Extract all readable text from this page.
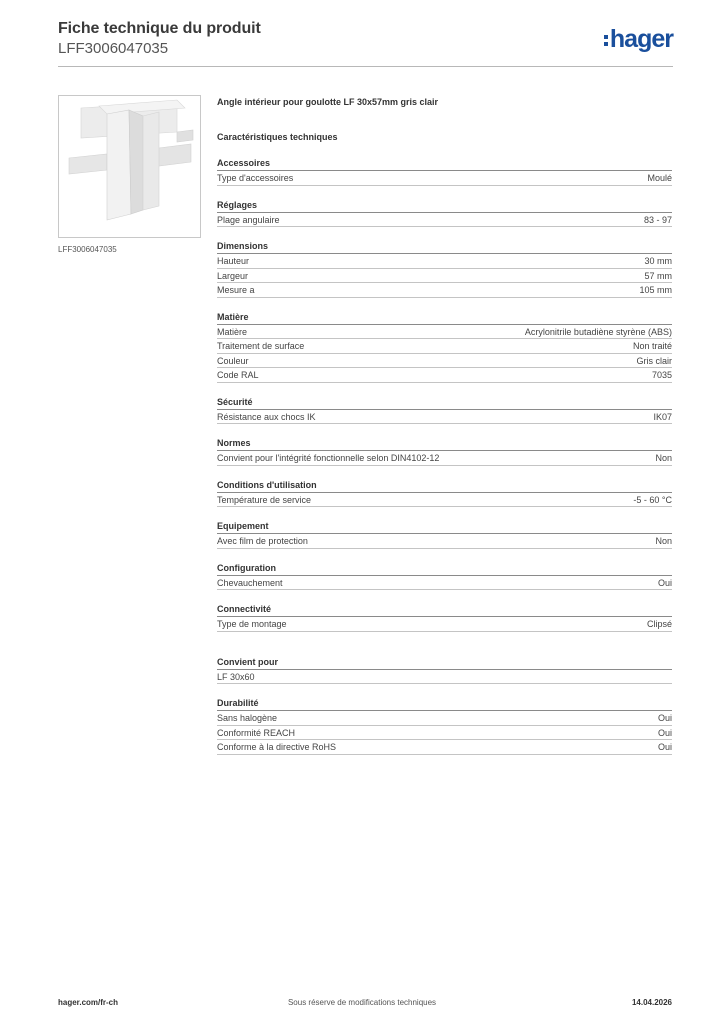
Fiche technique du produit
LFF3006047035	hager
LFF3006047035
Angle intérieur pour goulotte LF 30x57mm gris clair
Caractéristiques techniques
Accessoires
Type d'accessoires	Moulé
Réglages
Plage angulaire	83 - 97
Dimensions
Hauteur	30 mm
Largeur	57 mm
Mesure a	105 mm
Matière
Matière	Acrylonitrile butadiène styrène (ABS)
Traitement de surface	Non traité
Couleur	Gris clair
Code RAL	7035
Sécurité
Résistance aux chocs IK	IK07
Normes
Convient pour l'intégrité fonctionnelle selon DIN4102-12	Non
Conditions d'utilisation
Température de service	-5 - 60 °C
Equipement
Avec film de protection	Non
Configuration
Chevauchement	Oui
Connectivité
Type de montage	Clipsé
Convient pour
LF 30x60
Durabilité
Sans halogène	Oui
Conformité REACH	Oui
Conforme à la directive RoHS	Oui
hager.com/fr-ch	Sous réserve de modifications techniques	14.04.2026
